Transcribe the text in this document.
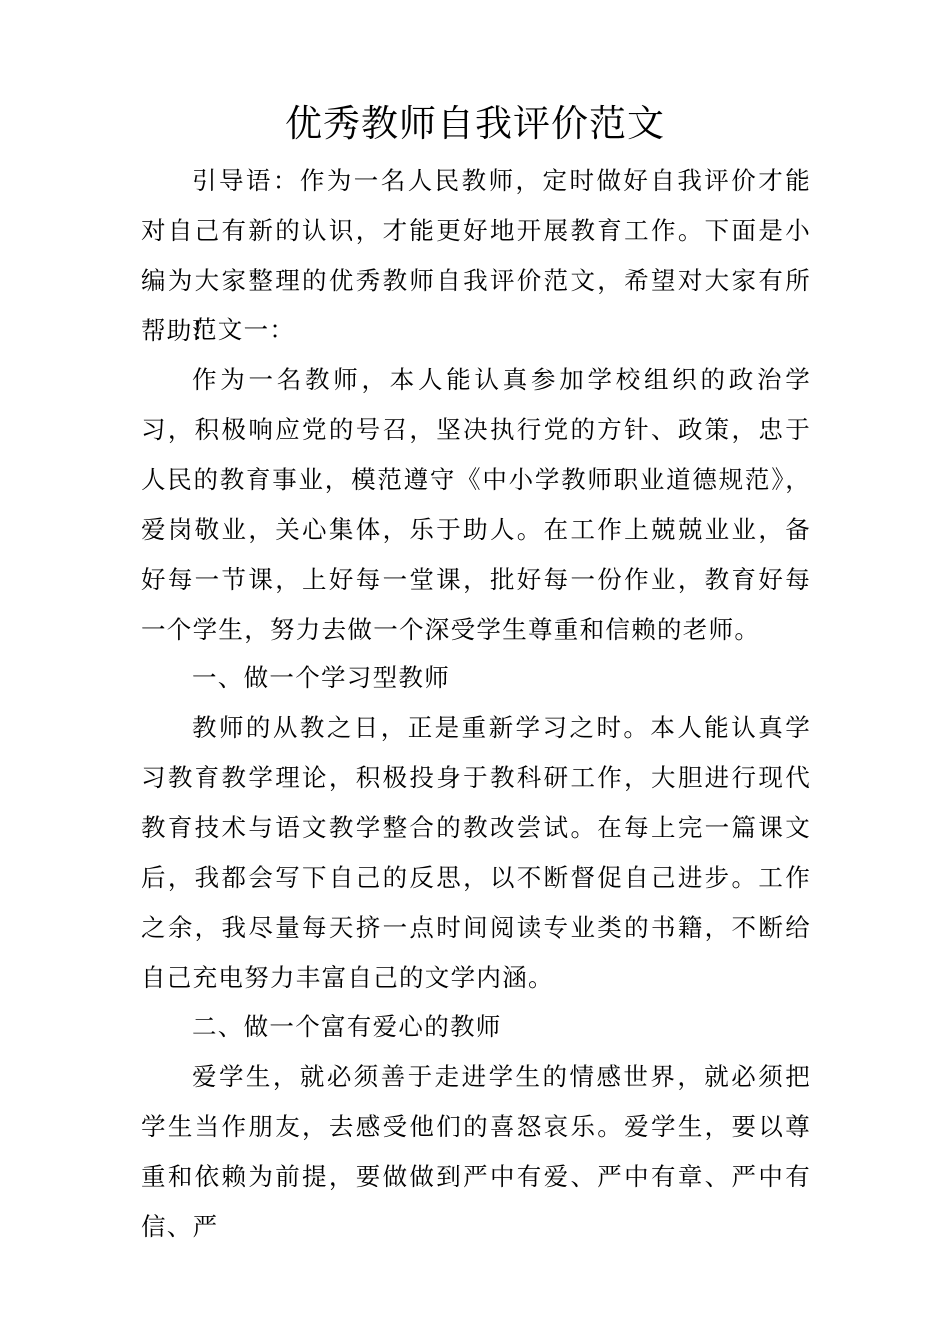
优秀教师自我评价范文

引导语：作为一名人民教师，定时做好自我评价才能对自己有新的认识，才能更好地开展教育工作。下面是小编为大家整理的优秀教师自我评价范文，希望对大家有所帮助!

范文一：

作为一名教师，本人能认真参加学校组织的政治学习，积极响应党的号召，坚决执行党的方针、政策，忠于人民的教育事业，模范遵守《中小学教师职业道德规范》，爱岗敬业，关心集体，乐于助人。在工作上兢兢业业，备好每一节课，上好每一堂课，批好每一份作业，教育好每一个学生，努力去做一个深受学生尊重和信赖的老师。

一、做一个学习型教师

教师的从教之日，正是重新学习之时。本人能认真学习教育教学理论，积极投身于教科研工作，大胆进行现代教育技术与语文教学整合的教改尝试。在每上完一篇课文后，我都会写下自己的反思，以不断督促自己进步。工作之余，我尽量每天挤一点时间阅读专业类的书籍，不断给自己充电努力丰富自己的文学内涵。

二、做一个富有爱心的教师

爱学生，就必须善于走进学生的情感世界，就必须把学生当作朋友，去感受他们的喜怒哀乐。爱学生，要以尊重和依赖为前提，要做做到严中有爱、严中有章、严中有信、严
